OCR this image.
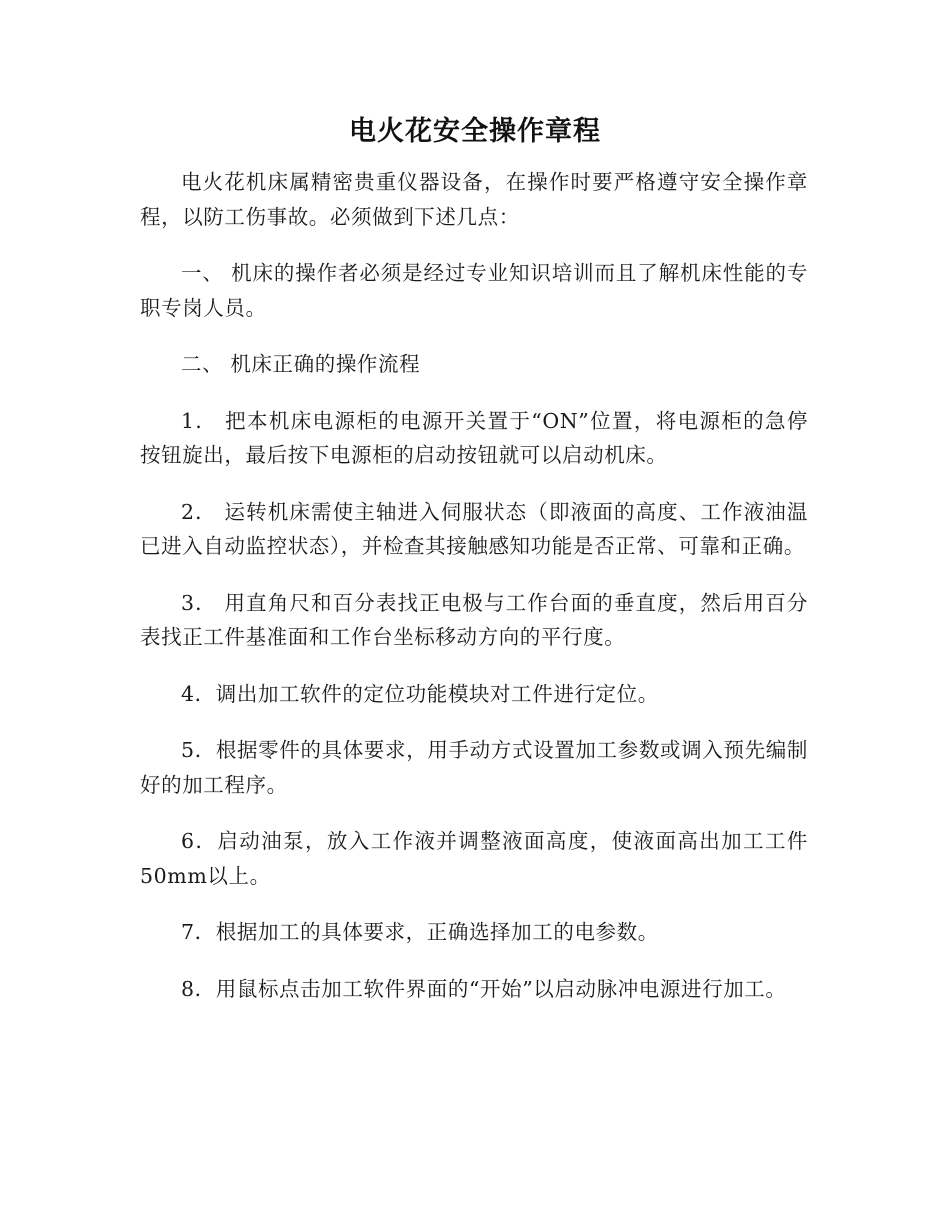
电火花安全操作章程

电火花机床属精密贵重仪器设备，在操作时要严格遵守安全操作章程，以防工伤事故。必须做到下述几点：

一、 机床的操作者必须是经过专业知识培训而且了解机床性能的专职专岗人员。

二、 机床正确的操作流程

1． 把本机床电源柜的电源开关置于“ON”位置，将电源柜的急停按钮旋出，最后按下电源柜的启动按钮就可以启动机床。

2． 运转机床需使主轴进入伺服状态（即液面的高度、工作液油温已进入自动监控状态），并检查其接触感知功能是否正常、可靠和正确。

3． 用直角尺和百分表找正电极与工作台面的垂直度，然后用百分表找正工件基准面和工作台坐标移动方向的平行度。

4．调出加工软件的定位功能模块对工件进行定位。

5．根据零件的具体要求，用手动方式设置加工参数或调入预先编制好的加工程序。

6．启动油泵，放入工作液并调整液面高度，使液面高出加工工件50mm以上。

7．根据加工的具体要求，正确选择加工的电参数。

8．用鼠标点击加工软件界面的“开始”以启动脉冲电源进行加工。
